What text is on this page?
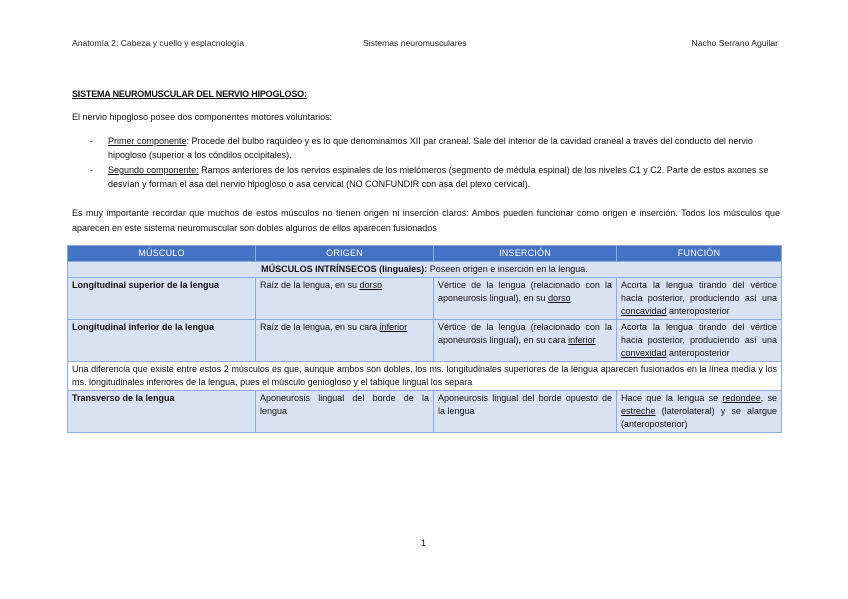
Anatomía 2: Cabeza y cuello y esplacnología	Sistemas neuromusculares	Nacho Serrano Aguilar
SISTEMA NEUROMUSCULAR DEL NERVIO HIPOGLOSO:
El nervio hipogloso posee dos componentes motores voluntarios:
- Primer componente: Procede del bulbo raquídeo y es lo que denominamos XII par craneal. Sale del interior de la cavidad craneal a través del conducto del nervio hipogloso (superior a los cóndilos occipitales).
- Segundo componente: Ramos anteriores de los nervios espinales de los mielómeros (segmento de médula espinal) de los niveles C1 y C2. Parte de estos axones se desvían y forman el asa del nervio hipogloso o asa cervical (NO CONFUNDIR con asa del plexo cervical).
Es muy importante recordar que muchos de estos músculos no tienen origen ni inserción claros: Ambos pueden funcionar como origen e inserción. Todos los músculos que aparecen en este sistema neuromuscular son dobles algunos de ellos aparecen fusionados
MÚSCULO	ORIGEN	INSERCIÓN	FUNCIÓN
MÚSCULOS INTRÍNSECOS (linguales): Poseen origen e inserción en la lengua.			
Longitudinal superior de la lengua	Raíz de la lengua, en su dorso	Vértice de la lengua (relacionado con la aponeurosis lingual), en su dorso	Acorta la lengua tirando del vértice hacia posterior, produciendo así una concavidad anteroposterior
Longitudinal inferior de la lengua	Raíz de la lengua, en su cara inferior	Vértice de la lengua (relacionado con la aponeurosis lingual), en su cara inferior	Acorta la lengua tirando del vértice hacia posterior, produciendo así una convexidad anteroposterior
Una diferencia que existe entre estos 2 músculos es que, aunque ambos son dobles, los ms. longitudinales superiores de la lengua aparecen fusionados en la línea media y los ms. longitudinales inferiores de la lengua, pues el músculo geniogloso y el tabique lingual los separa			
Transverso de la lengua	Aponeurosis lingual del borde de la lengua	Aponeurosis lingual del borde opuesto de la lengua	Hace que la lengua se redondee, se estreche (laterolateral) y se alargue (anteroposterior)
1
